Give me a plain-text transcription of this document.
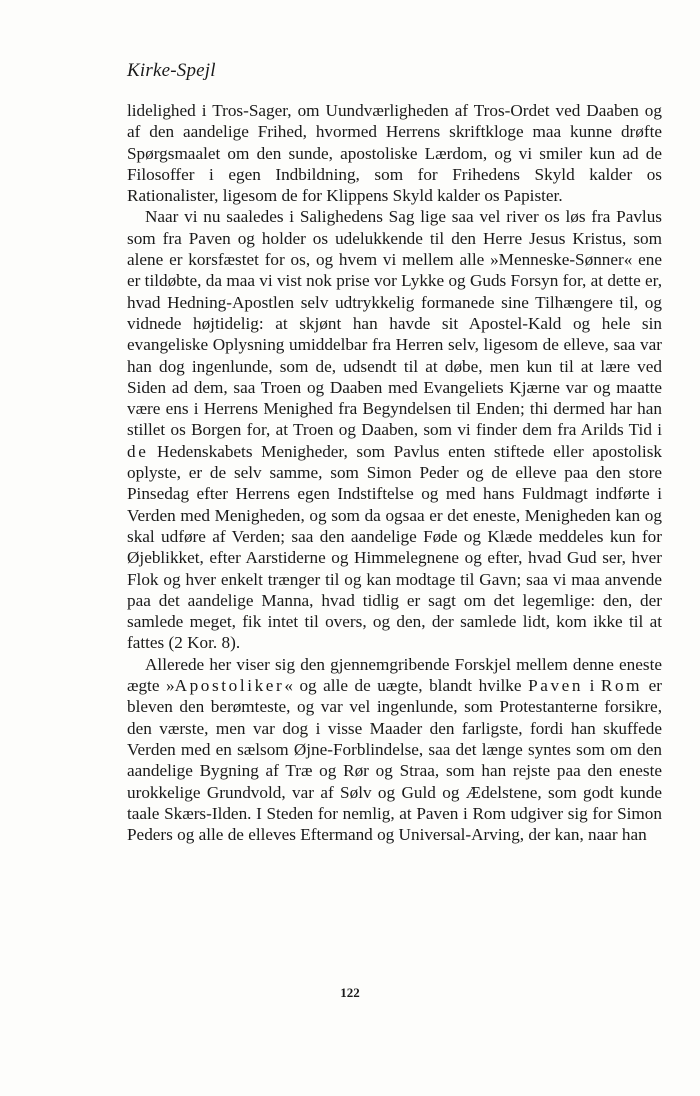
Kirke-Spejl

lidelighed i Tros-Sager, om Uundværligheden af Tros-Ordet ved Daaben og af den aandelige Frihed, hvormed Herrens skriftkloge maa kunne drøfte Spørgsmaalet om den sunde, apostoliske Lærdom, og vi smiler kun ad de Filosoffer i egen Indbildning, som for Frihedens Skyld kalder os Rationalister, ligesom de for Klippens Skyld kalder os Papister.

Naar vi nu saaledes i Salighedens Sag lige saa vel river os løs fra Pavlus som fra Paven og holder os udelukkende til den Herre Jesus Kristus, som alene er korsfæstet for os, og hvem vi mellem alle »Menneske-Sønner« ene er tildøbte, da maa vi vist nok prise vor Lykke og Guds Forsyn for, at dette er, hvad Hedning-Apostlen selv udtrykkelig formanede sine Tilhængere til, og vidnede højtidelig: at skjønt han havde sit Apostel-Kald og hele sin evangeliske Oplysning umiddelbar fra Herren selv, ligesom de elleve, saa var han dog ingenlunde, som de, udsendt til at døbe, men kun til at lære ved Siden ad dem, saa Troen og Daaben med Evangeliets Kjærne var og maatte være ens i Herrens Menighed fra Begyndelsen til Enden; thi dermed har han stillet os Borgen for, at Troen og Daaben, som vi finder dem fra Arilds Tid i de Hedenskabets Menigheder, som Pavlus enten stiftede eller apostolisk oplyste, er de selv samme, som Simon Peder og de elleve paa den store Pinsedag efter Herrens egen Indstiftelse og med hans Fuldmagt indførte i Verden med Menigheden, og som da ogsaa er det eneste, Menigheden kan og skal udføre af Verden; saa den aandelige Føde og Klæde meddeles kun for Øjeblikket, efter Aarstiderne og Himmelegnene og efter, hvad Gud ser, hver Flok og hver enkelt trænger til og kan modtage til Gavn; saa vi maa anvende paa det aandelige Manna, hvad tidlig er sagt om det legemlige: den, der samlede meget, fik intet til overs, og den, der samlede lidt, kom ikke til at fattes (2 Kor. 8).

Allerede her viser sig den gjennemgribende Forskjel mellem denne eneste ægte »Apostoliker« og alle de uægte, blandt hvilke Paven i Rom er bleven den berømteste, og var vel ingenlunde, som Protestanterne forsikre, den værste, men var dog i visse Maader den farligste, fordi han skuffede Verden med en sælsom Øjne-Forblindelse, saa det længe syntes som om den aandelige Bygning af Træ og Rør og Straa, som han rejste paa den eneste urokkelige Grundvold, var af Sølv og Guld og Ædelstene, som godt kunde taale Skærs-Ilden. I Steden for nemlig, at Paven i Rom udgiver sig for Simon Peders og alle de elleves Eftermand og Universal-Arving, der kan, naar han

122
